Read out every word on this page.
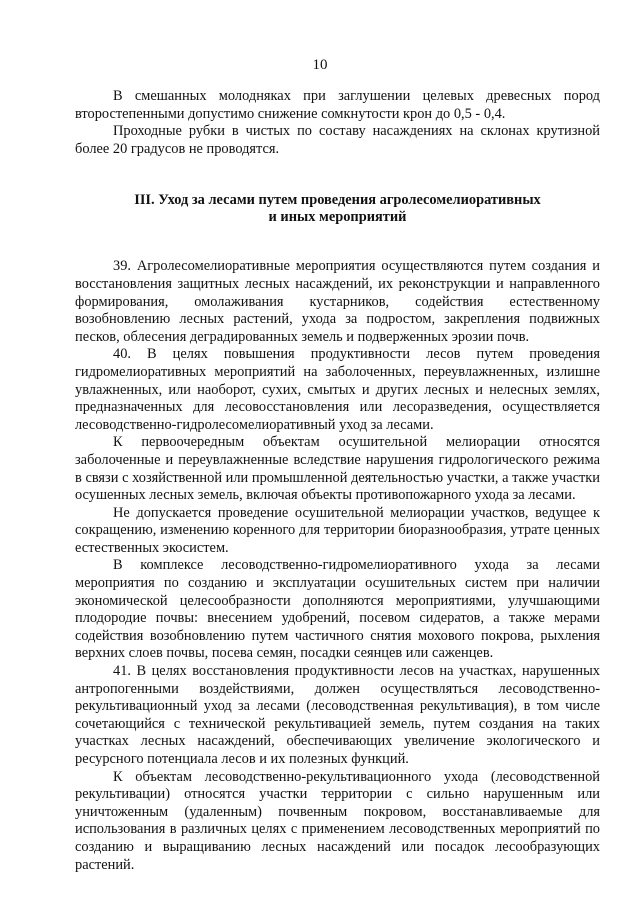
10

В смешанных молодняках при заглушении целевых древесных пород второстепенными допустимо снижение сомкнутости крон до 0,5 - 0,4.

Проходные рубки в чистых по составу насаждениях на склонах крутизной более 20 градусов не проводятся.

III. Уход за лесами путем проведения агролесомелиоративных
и иных мероприятий

39. Агролесомелиоративные мероприятия осуществляются путем создания и восстановления защитных лесных насаждений, их реконструкции и направленного формирования, омолаживания кустарников, содействия естественному возобновлению лесных растений, ухода за подростом, закрепления подвижных песков, облесения деградированных земель и подверженных эрозии почв.

40. В целях повышения продуктивности лесов путем проведения гидромелиоративных мероприятий на заболоченных, переувлажненных, излишне увлажненных, или наоборот, сухих, смытых и других лесных и нелесных землях, предназначенных для лесовосстановления или лесоразведения, осуществляется лесоводственно-гидролесомелиоративный уход за лесами.

К первоочередным объектам осушительной мелиорации относятся заболоченные и переувлажненные вследствие нарушения гидрологического режима в связи с хозяйственной или промышленной деятельностью участки, а также участки осушенных лесных земель, включая объекты противопожарного ухода за лесами.

Не допускается проведение осушительной мелиорации участков, ведущее к сокращению, изменению коренного для территории биоразнообразия, утрате ценных естественных экосистем.

В комплексе лесоводственно-гидромелиоративного ухода за лесами мероприятия по созданию и эксплуатации осушительных систем при наличии экономической целесообразности дополняются мероприятиями, улучшающими плодородие почвы: внесением удобрений, посевом сидератов, а также мерами содействия возобновлению путем частичного снятия мохового покрова, рыхления верхних слоев почвы, посева семян, посадки сеянцев или саженцев.

41. В целях восстановления продуктивности лесов на участках, нарушенных антропогенными воздействиями, должен осуществляться лесоводственно-рекультивационный уход за лесами (лесоводственная рекультивация), в том числе сочетающийся с технической рекультивацией земель, путем создания на таких участках лесных насаждений, обеспечивающих увеличение экологического и ресурсного потенциала лесов и их полезных функций.

К объектам лесоводственно-рекультивационного ухода (лесоводственной рекультивации) относятся участки территории с сильно нарушенным или уничтоженным (удаленным) почвенным покровом, восстанавливаемые для использования в различных целях с применением лесоводственных мероприятий по созданию и выращиванию лесных насаждений или посадок лесообразующих растений.
